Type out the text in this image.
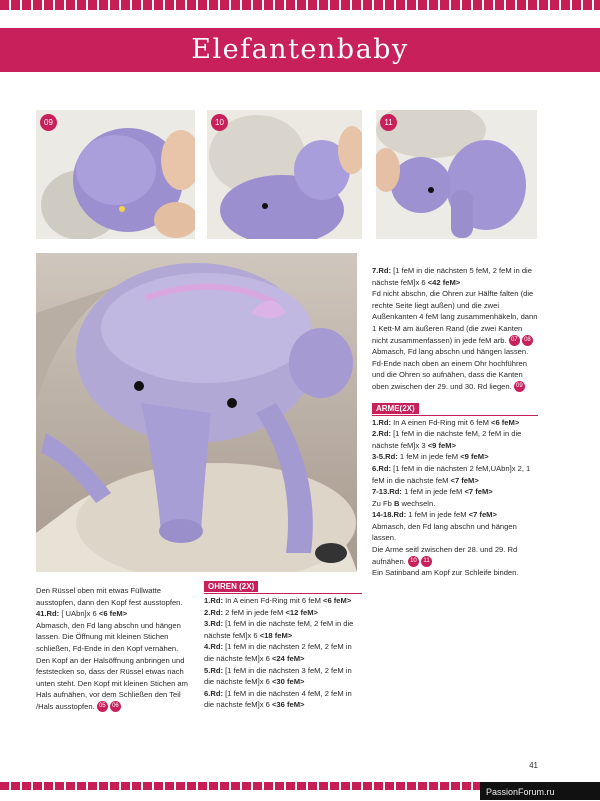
Elefantenbaby
09	10	11

Den Rüssel oben mit etwas Füllwatte ausstopfen, dann den Kopf fest ausstopfen.

41.Rd: [ UAbn]x 6 <6 feM>

Abmasch, den Fd lang abschn und hängen lassen. Die Öffnung mit kleinen Stichen schließen, Fd-Ende in den Kopf vernähen.

Den Kopf an der Halsöffnung anbringen und feststecken so, dass der Rüssel etwas nach unten steht. Den Kopf mit kleinen Stichen am Hals aufnähen, vor dem Schließen den Teil /Hals ausstopfen. 05 06

OHREN (2X)

1.Rd: In A einen Fd-Ring mit 6 feM <6 feM>

2.Rd: 2 feM in jede feM <12 feM>

3.Rd: [1 feM in die nächste feM, 2 feM in die nächste feM]x 6 <18 feM>

4.Rd: [1 feM in die nächsten 2 feM, 2 feM in die nächste feM]x 6 <24 feM>

5.Rd: [1 feM in die nächsten 3 feM, 2 feM in die nächste feM]x 6 <30 feM>

6.Rd: [1 feM in die nächsten 4 feM, 2 feM in die nächste feM]x 6 <36 feM>

7.Rd: [1 feM in die nächsten 5 feM, 2 feM in die nächste feM]x 6 <42 feM>

Fd nicht abschn, die Ohren zur Hälfte falten (die rechte Seite liegt außen) und die zwei Außenkanten 4 feM lang zusammenhäkeln, dann 1 Kett-M am äußeren Rand (die zwei Kanten nicht zusammenfassen) in jede feM arb. 07 08

Abmasch, Fd lang abschn und hängen lassen. Fd-Ende nach oben an einem Ohr hochführen und die Ohren so aufnähen, dass die Kanten oben zwischen der 29. und 30. Rd liegen. 09

ARME(2X)

1.Rd: In A einen Fd-Ring mit 6 feM <6 feM>

2.Rd: [1 feM in die nächste feM, 2 feM in die nächste feM]x 3 <9 feM>

3-5.Rd: 1 feM in jede feM <9 feM>

6.Rd: [1 feM in die nächsten 2 feM,UAbn]x 2, 1 feM in die nächste feM <7 feM>

7-13.Rd: 1 feM in jede feM <7 feM>

Zu Fb B wechseln.

14-18.Rd: 1 feM in jede feM <7 feM>

Abmasch, den Fd lang abschn und hängen lassen.

Die Arme seitl zwischen der 28. und 29. Rd aufnähen. 10 11

Ein Satinband am Kopf zur Schleife binden.

41
PassionForum.ru
